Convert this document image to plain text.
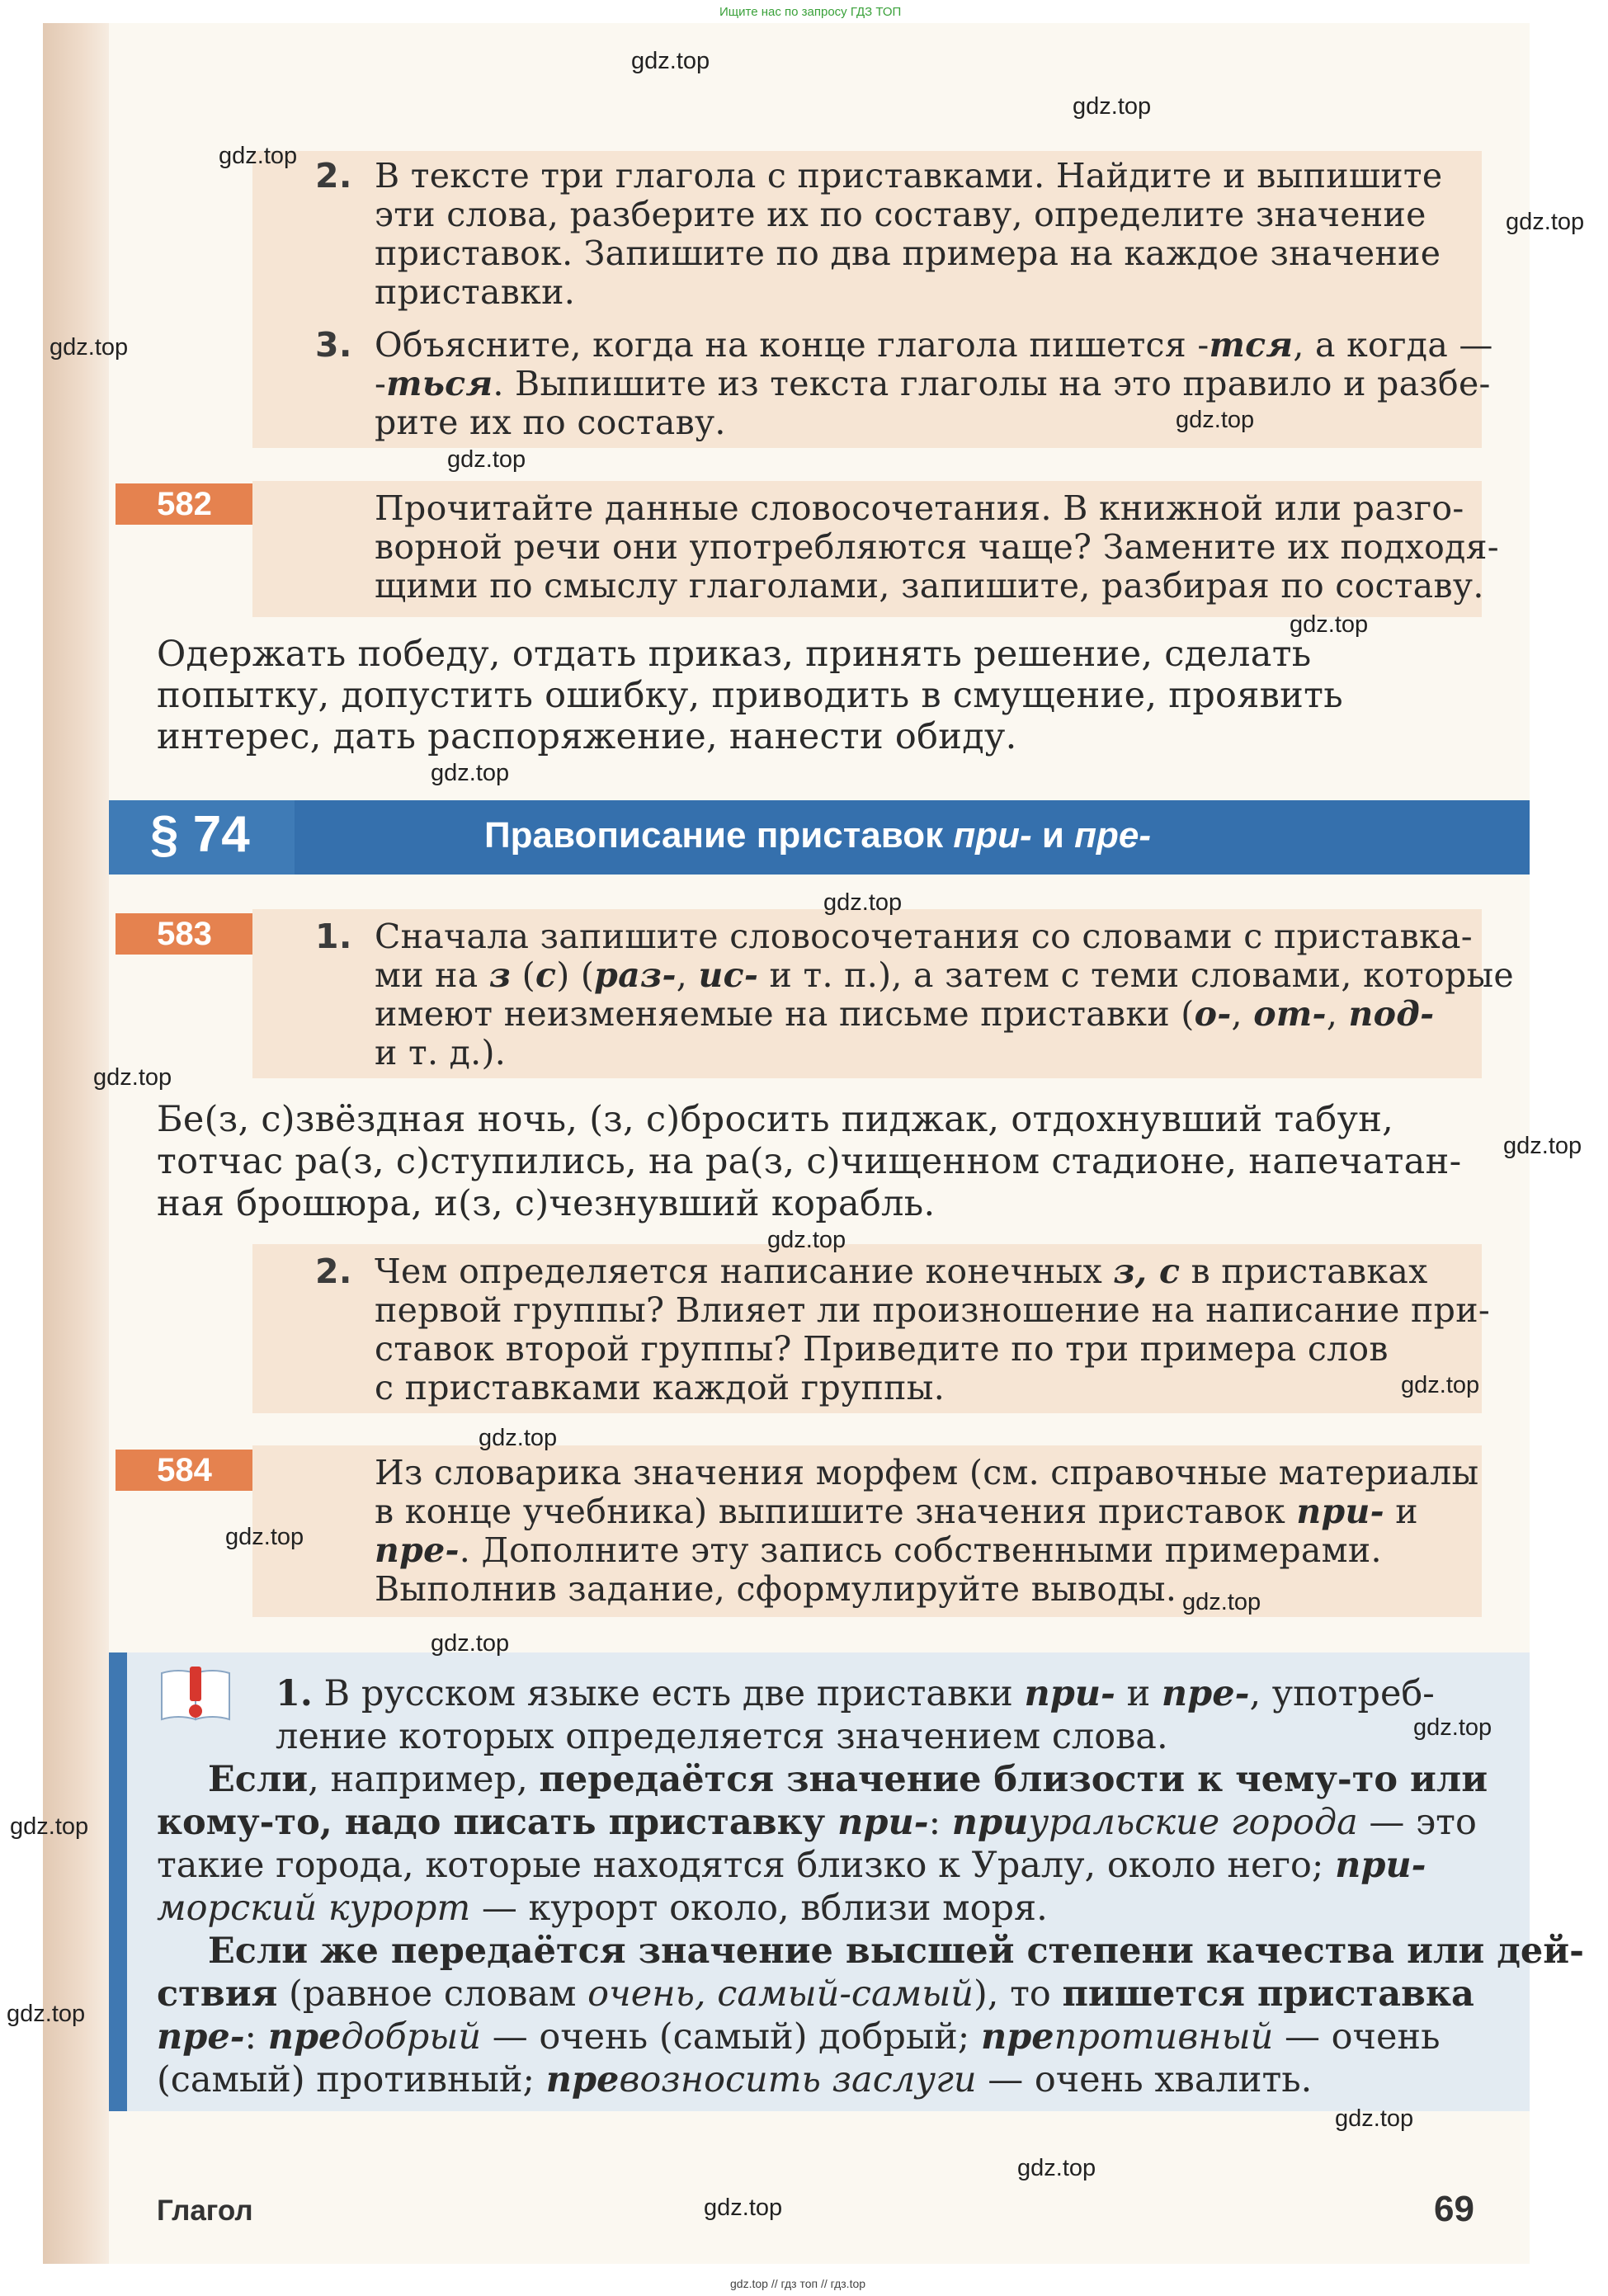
Ищите нас по запросу ГДЗ ТОП
2. В тексте три глагола с приставками. Найдите и выпишите
эти слова, разберите их по составу, определите значение
приставок. Запишите по два примера на каждое значение
приставки.
3. Объясните, когда на конце глагола пишется -тся, а когда —
-ться. Выпишите из текста глаголы на это правило и разбе-
рите их по составу.
582	Прочитайте данные словосочетания. В книжной или разго-
ворной речи они употребляются чаще? Замените их подходя-
щими по смыслу глаголами, запишите, разбирая по составу.
Одержать победу, отдать приказ, принять решение, сделать
попытку, допустить ошибку, приводить в смущение, проявить
интерес, дать распоряжение, нанести обиду.
§ 74	Правописание приставок при- и пре-
583	1. Сначала запишите словосочетания со словами с приставка-
ми на з (с) (раз-, ис- и т. п.), а затем с теми словами, которые
имеют неизменяемые на письме приставки (о-, от-, под-
и т. д.).
Бе(з, с)звёздная ночь, (з, с)бросить пиджак, отдохнувший табун,
тотчас ра(з, с)ступились, на ра(з, с)чищенном стадионе, напечатан-
ная брошюра, и(з, с)чезнувший корабль.
2. Чем определяется написание конечных з, с в приставках
первой группы? Влияет ли произношение на написание при-
ставок второй группы? Приведите по три примера слов
с приставками каждой группы.
584	Из словарика значения морфем (см. справочные материалы
в конце учебника) выпишите значения приставок при- и
пре-. Дополните эту запись собственными примерами.
Выполнив задание, сформулируйте выводы.
1. В русском языке есть две приставки при- и пре-, употреб-
ление которых определяется значением слова.
Если, например, передаётся значение близости к чему-то или
кому-то, надо писать приставку при-: приуральские города — это
такие города, которые находятся близко к Уралу, около него; при-
морский курорт — курорт около, вблизи моря.
Если же передаётся значение высшей степени качества или дей-
ствия (равное словам очень, самый-самый), то пишется приставка
пре-: предобрый — очень (самый) добрый; препротивный — очень
(самый) противный; превозносить заслуги — очень хвалить.
Глагол	69
gdz.top // гдз топ // гдз.top
gdz.top
gdz.top
gdz.top
gdz.top
gdz.top
gdz.top
gdz.top
gdz.top
gdz.top
gdz.top
gdz.top
gdz.top
gdz.top
gdz.top
gdz.top
gdz.top
gdz.top
gdz.top
gdz.top
gdz.top
gdz.top
gdz.top
gdz.top
gdz.top
